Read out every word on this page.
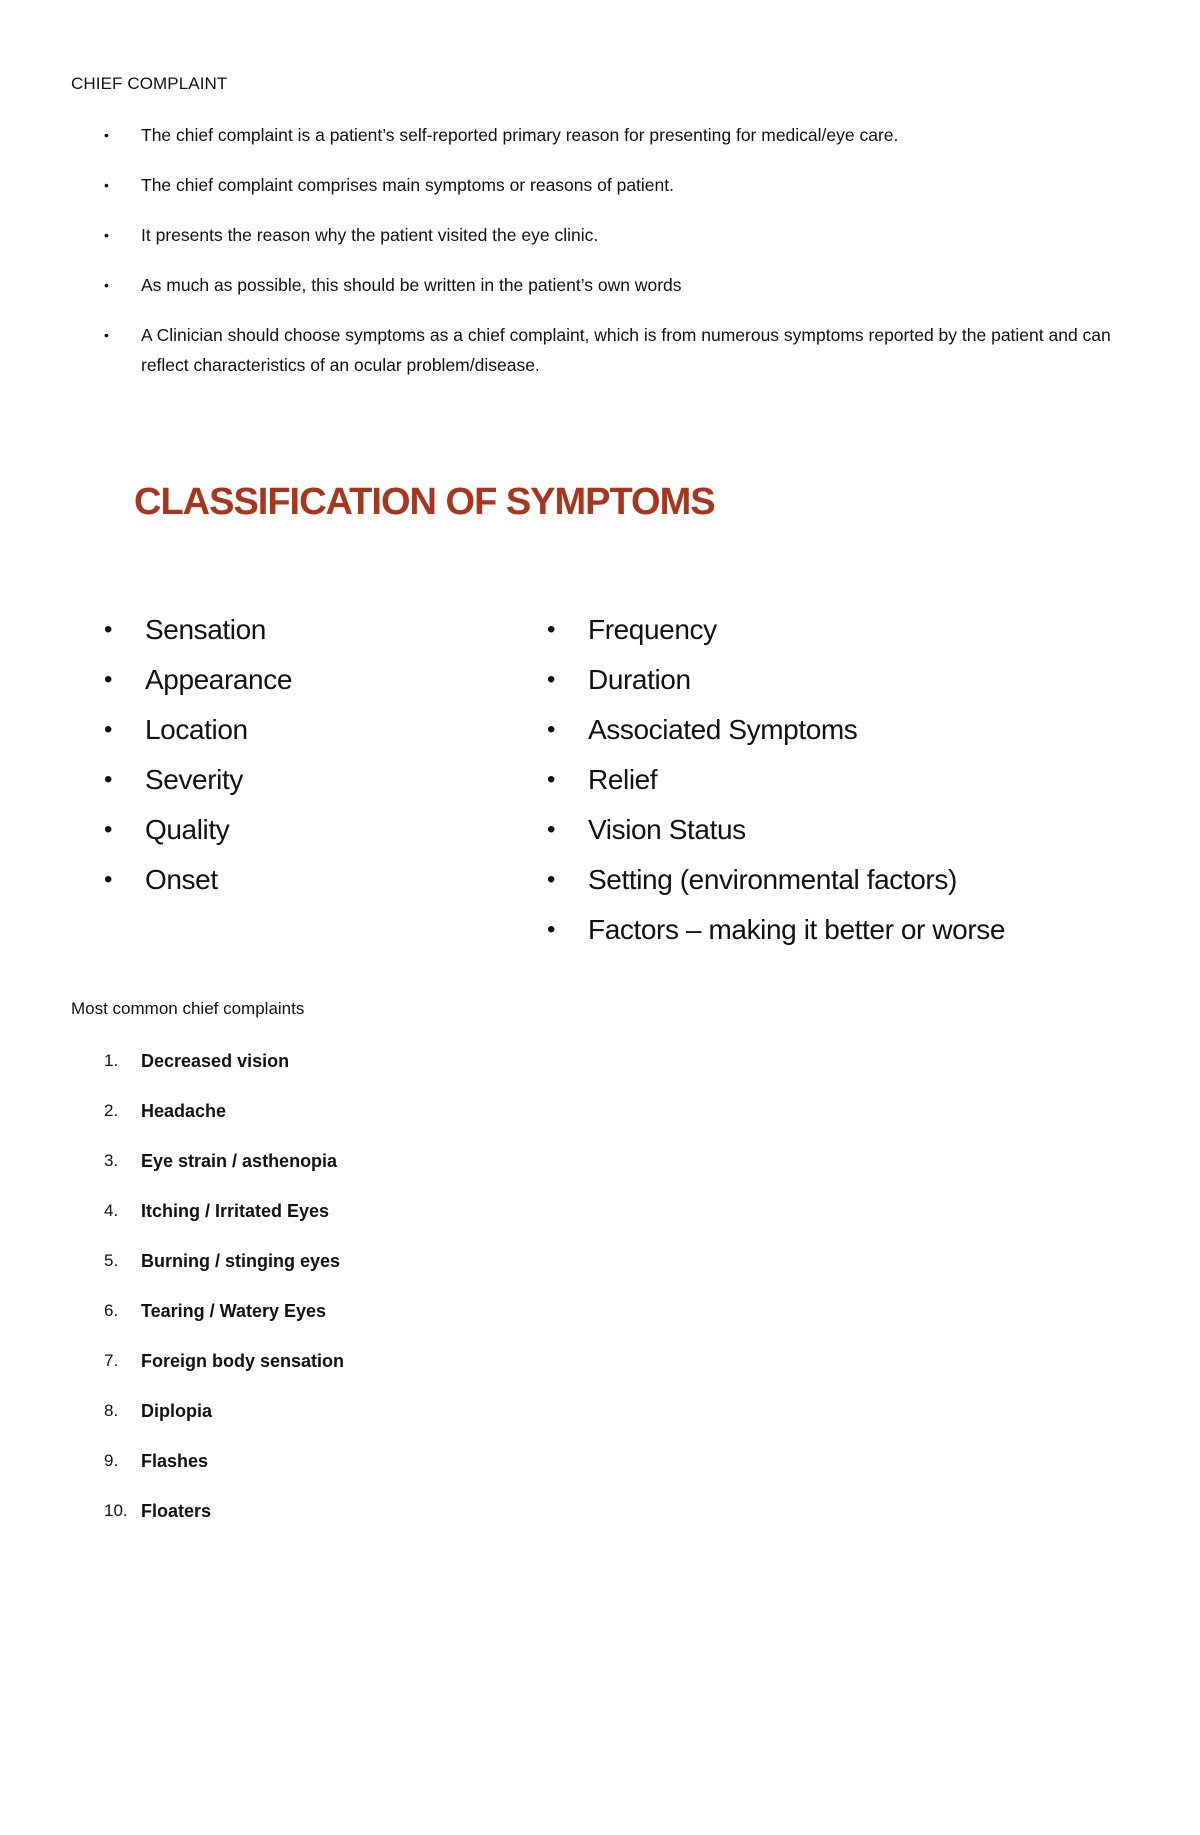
CHIEF COMPLAINT
• The chief complaint is a patient’s self-reported primary reason for presenting for medical/eye care.
• The chief complaint comprises main symptoms or reasons of patient.
• It presents the reason why the patient visited the eye clinic.
• As much as possible, this should be written in the patient’s own words
• A Clinician should choose symptoms as a chief complaint, which is from numerous symptoms reported by the patient and can reflect characteristics of an ocular problem/disease.
CLASSIFICATION OF SYMPTOMS
• Sensation
• Appearance
• Location
• Severity
• Quality
• Onset
• Frequency
• Duration
• Associated Symptoms
• Relief
• Vision Status
• Setting (environmental factors)
• Factors – making it better or worse
Most common chief complaints
1. Decreased vision
2. Headache
3. Eye strain / asthenopia
4. Itching / Irritated Eyes
5. Burning / stinging eyes
6. Tearing / Watery Eyes
7. Foreign body sensation
8. Diplopia
9. Flashes
10. Floaters
